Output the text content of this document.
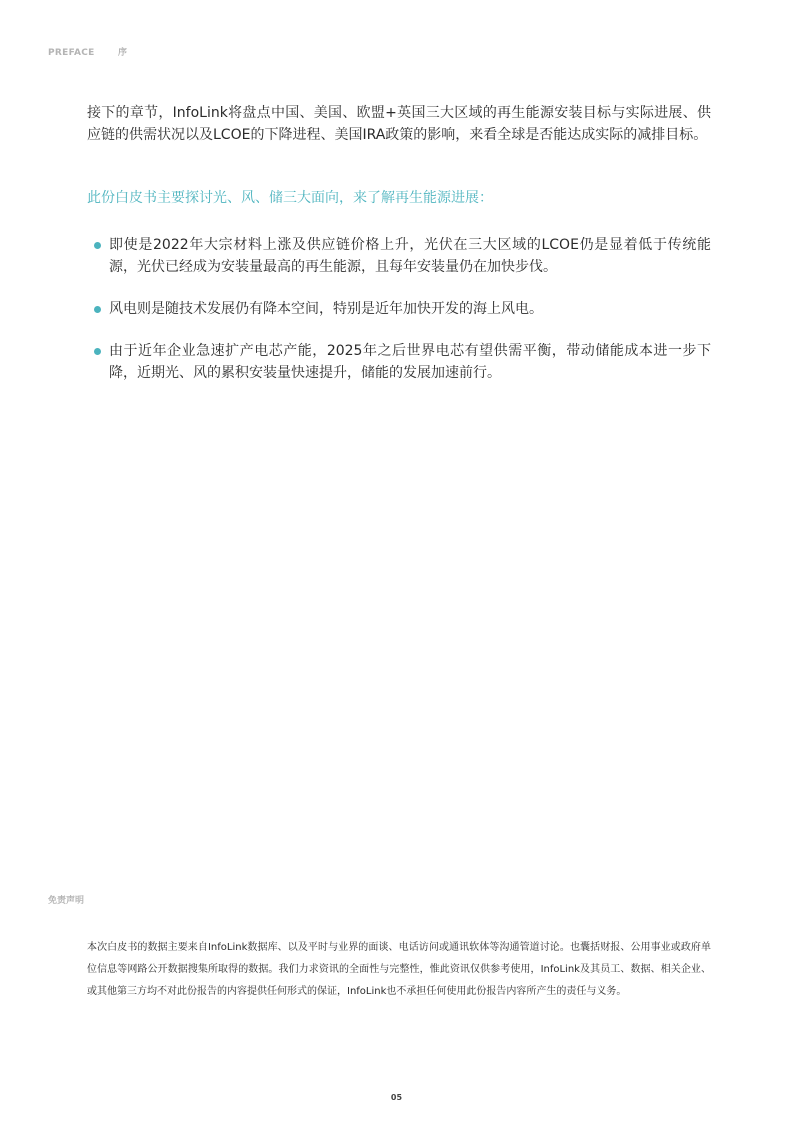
PREFACE	序

接下的章节，InfoLink将盘点中国、美国、欧盟+英国三大区域的再生能源安装目标与实际进展、供应链的供需状况以及LCOE的下降进程、美国IRA政策的影响，来看全球是否能达成实际的减排目标。

此份白皮书主要探讨光、风、储三大面向，来了解再生能源进展：

即使是2022年大宗材料上涨及供应链价格上升，光伏在三大区域的LCOE仍是显着低于传统能源，光伏已经成为安装量最高的再生能源，且每年安装量仍在加快步伐。
风电则是随技术发展仍有降本空间，特别是近年加快开发的海上风电。
由于近年企业急速扩产电芯产能，2025年之后世界电芯有望供需平衡，带动储能成本进一步下降，近期光、风的累积安装量快速提升，储能的发展加速前行。
免责声明

本次白皮书的数据主要来自InfoLink数据库、以及平时与业界的面谈、电话访问或通讯软体等沟通管道讨论。也囊括财报、公用事业或政府单位信息等网路公开数据搜集所取得的数据。我们力求资讯的全面性与完整性，惟此资讯仅供参考使用，InfoLink及其员工、数据、相关企业、或其他第三方均不对此份报告的内容提供任何形式的保证，InfoLink也不承担任何使用此份报告内容所产生的责任与义务。

05
